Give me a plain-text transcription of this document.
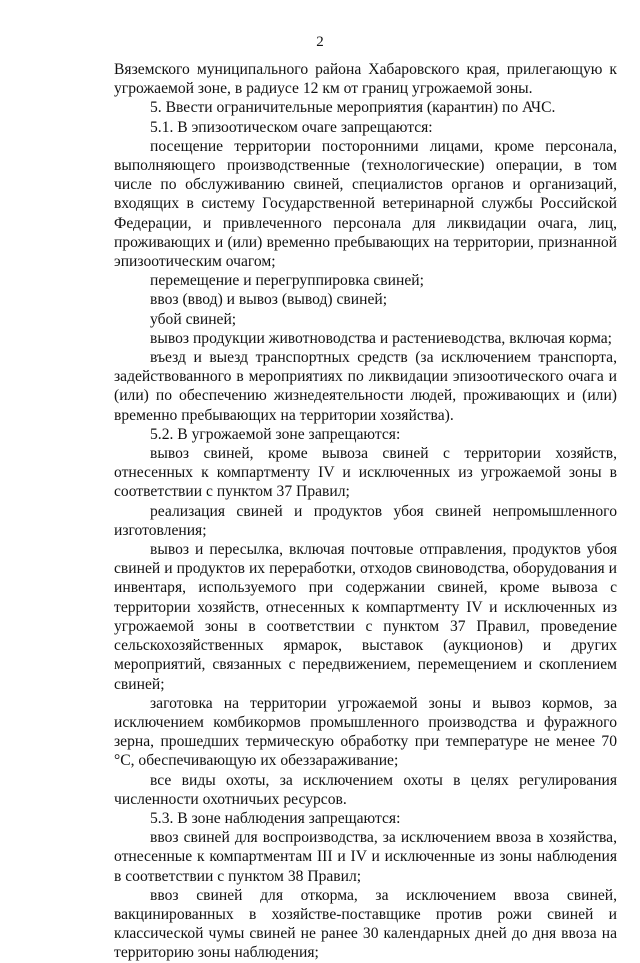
2

Вяземского муниципального района Хабаровского края, прилегающую к угрожаемой зоне, в радиусе 12 км от границ угрожаемой зоны.

5. Ввести ограничительные мероприятия (карантин) по АЧС.

5.1. В эпизоотическом очаге запрещаются:

посещение территории посторонними лицами, кроме персонала, выполняющего производственные (технологические) операции, в том числе по обслуживанию свиней, специалистов органов и организаций, входящих в систему Государственной ветеринарной службы Российской Федерации, и привлеченного персонала для ликвидации очага, лиц, проживающих и (или) временно пребывающих на территории, признанной эпизоотическим очагом;

перемещение и перегруппировка свиней;

ввоз (ввод) и вывоз (вывод) свиней;

убой свиней;

вывоз продукции животноводства и растениеводства, включая корма;

въезд и выезд транспортных средств (за исключением транспорта, задействованного в мероприятиях по ликвидации эпизоотического очага и (или) по обеспечению жизнедеятельности людей, проживающих и (или) временно пребывающих на территории хозяйства).

5.2. В угрожаемой зоне запрещаются:

вывоз свиней, кроме вывоза свиней с территории хозяйств, отнесенных к компартменту IV и исключенных из угрожаемой зоны в соответствии с пунктом 37 Правил;

реализация свиней и продуктов убоя свиней непромышленного изготовления;

вывоз и пересылка, включая почтовые отправления, продуктов убоя свиней и продуктов их переработки, отходов свиноводства, оборудования и инвентаря, используемого при содержании свиней, кроме вывоза с территории хозяйств, отнесенных к компартменту IV и исключенных из угрожаемой зоны в соответствии с пунктом 37 Правил, проведение сельскохозяйственных ярмарок, выставок (аукционов) и других мероприятий, связанных с передвижением, перемещением и скоплением свиней;

заготовка на территории угрожаемой зоны и вывоз кормов, за исключением комбикормов промышленного производства и фуражного зерна, прошедших термическую обработку при температуре не менее 70 °С, обеспечивающую их обеззараживание;

все виды охоты, за исключением охоты в целях регулирования численности охотничьих ресурсов.

5.3. В зоне наблюдения запрещаются:

ввоз свиней для воспроизводства, за исключением ввоза в хозяйства, отнесенные к компартментам III и IV и исключенные из зоны наблюдения в соответствии с пунктом 38 Правил;

ввоз свиней для откорма, за исключением ввоза свиней, вакцинированных в хозяйстве-поставщике против рожи свиней и классической чумы свиней не ранее 30 календарных дней до дня ввоза на территорию зоны наблюдения;
